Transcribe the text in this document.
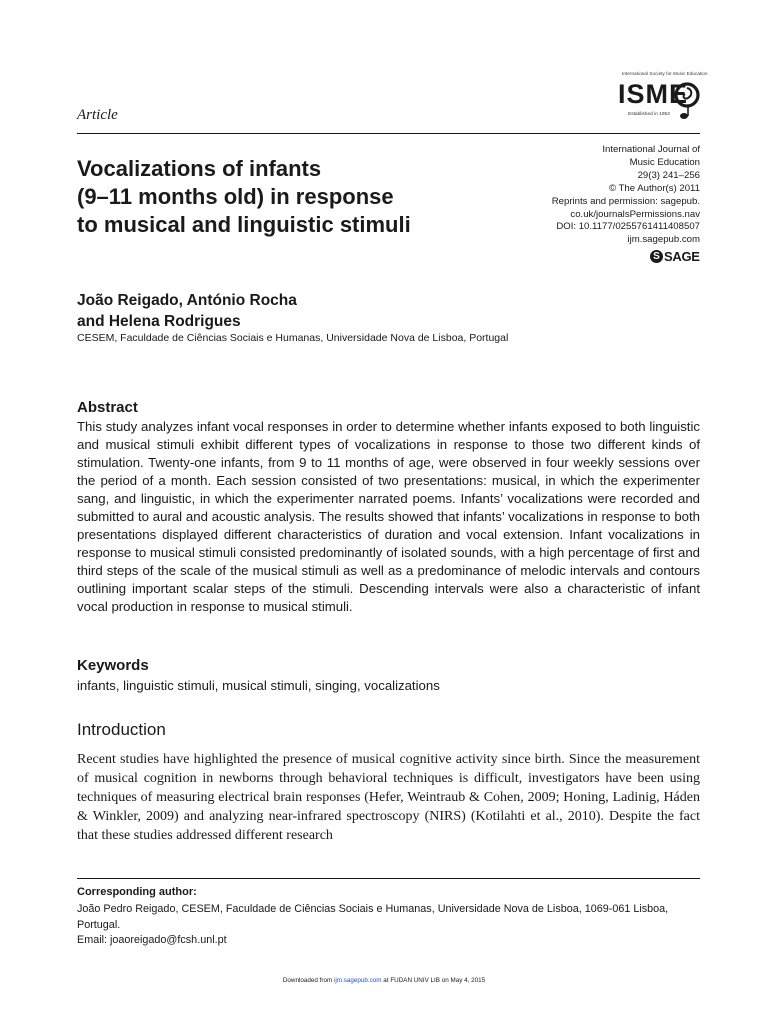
International Society for Music Education
ISME
Established in 1953
Article
Vocalizations of infants
(9–11 months old) in response
to musical and linguistic stimuli
International Journal of
Music Education
29(3) 241–256
© The Author(s) 2011
Reprints and permission: sagepub.
co.uk/journalsPermissions.nav
DOI: 10.1177/0255761411408507
ijm.sagepub.com
S SAGE
João Reigado, António Rocha
and Helena Rodrigues
CESEM, Faculdade de Ciências Sociais e Humanas, Universidade Nova de Lisboa, Portugal
Abstract
This study analyzes infant vocal responses in order to determine whether infants exposed to both linguistic and musical stimuli exhibit different types of vocalizations in response to those two different kinds of stimulation. Twenty-one infants, from 9 to 11 months of age, were observed in four weekly sessions over the period of a month. Each session consisted of two presentations: musical, in which the experimenter sang, and linguistic, in which the experimenter narrated poems. Infants’ vocalizations were recorded and submitted to aural and acoustic analysis. The results showed that infants’ vocalizations in response to both presentations displayed different characteristics of duration and vocal extension. Infant vocalizations in response to musical stimuli consisted predominantly of isolated sounds, with a high percentage of first and third steps of the scale of the musical stimuli as well as a predominance of melodic intervals and contours outlining important scalar steps of the stimuli. Descending intervals were also a characteristic of infant vocal production in response to musical stimuli.
Keywords
infants, linguistic stimuli, musical stimuli, singing, vocalizations
Introduction
Recent studies have highlighted the presence of musical cognitive activity since birth. Since the measurement of musical cognition in newborns through behavioral techniques is difficult, investigators have been using techniques of measuring electrical brain responses (Hefer, Weintraub & Cohen, 2009; Honing, Ladinig, Háden & Winkler, 2009) and analyzing near-infrared spectroscopy (NIRS) (Kotilahti et al., 2010). Despite the fact that these studies addressed different research
Corresponding author:
João Pedro Reigado, CESEM, Faculdade de Ciências Sociais e Humanas, Universidade Nova de Lisboa, 1069-061 Lisboa,
Portugal.
Email: joaoreigado@fcsh.unl.pt
Downloaded from ijm.sagepub.com at FUDAN UNIV LIB on May 4, 2015
